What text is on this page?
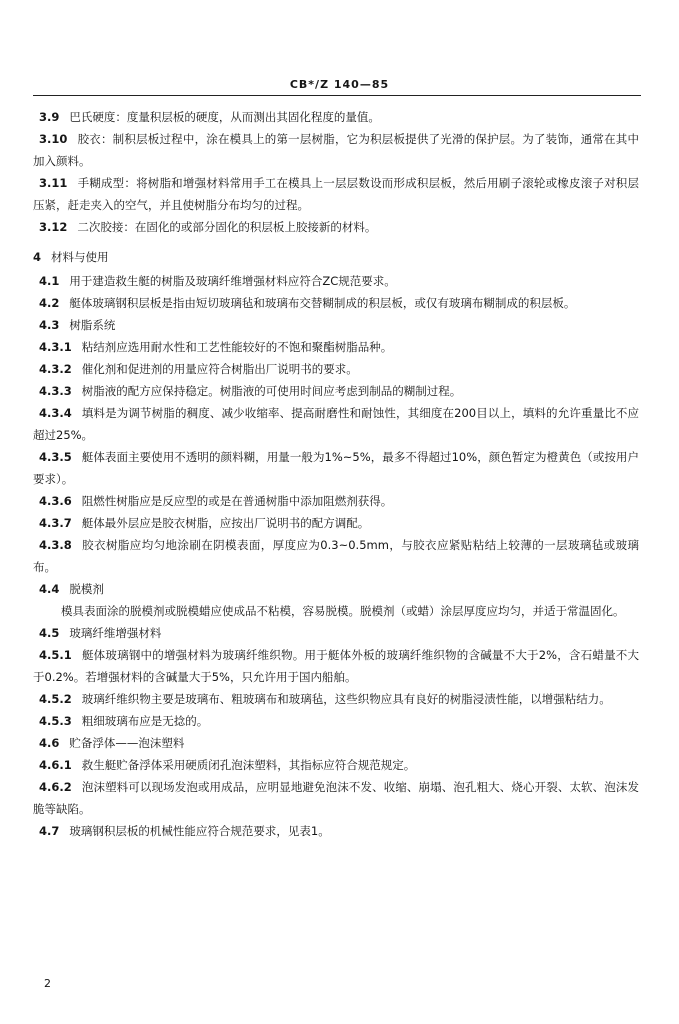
CB*/Z 140—85
3.9 巴氏硬度：度量积层板的硬度，从而测出其固化程度的量值。
3.10 胶衣：制积层板过程中，涂在模具上的第一层树脂，它为积层板提供了光滑的保护层。为了装饰，通常在其中加入颜料。
3.11 手糊成型：将树脂和增强材料常用手工在模具上一层层数设而形成积层板，然后用刷子滚轮或橡皮滚子对积层压紧，赶走夹入的空气，并且使树脂分布均匀的过程。
3.12 二次胶接：在固化的或部分固化的积层板上胶接新的材料。
4 材料与使用
4.1 用于建造救生艇的树脂及玻璃纤维增强材料应符合ZC规范要求。
4.2 艇体玻璃钢积层板是指由短切玻璃毡和玻璃布交替糊制成的积层板，或仅有玻璃布糊制成的积层板。
4.3 树脂系统
4.3.1 粘结剂应选用耐水性和工艺性能较好的不饱和聚酯树脂品种。
4.3.2 催化剂和促进剂的用量应符合树脂出厂说明书的要求。
4.3.3 树脂液的配方应保持稳定。树脂液的可使用时间应考虑到制品的糊制过程。
4.3.4 填料是为调节树脂的稠度、减少收缩率、提高耐磨性和耐蚀性，其细度在200目以上，填料的允许重量比不应超过25%。
4.3.5 艇体表面主要使用不透明的颜料糊，用量一般为1%~5%，最多不得超过10%，颜色暂定为橙黄色（或按用户要求）。
4.3.6 阻燃性树脂应是反应型的或是在普通树脂中添加阻燃剂获得。
4.3.7 艇体最外层应是胶衣树脂，应按出厂说明书的配方调配。
4.3.8 胶衣树脂应均匀地涂刷在阴模表面，厚度应为0.3~0.5mm，与胶衣应紧贴粘结上较薄的一层玻璃毡或玻璃布。
4.4 脱模剂
模具表面涂的脱模剂或脱模蜡应使成品不粘模，容易脱模。脱模剂（或蜡）涂层厚度应均匀，并适于常温固化。
4.5 玻璃纤维增强材料
4.5.1 艇体玻璃钢中的增强材料为玻璃纤维织物。用于艇体外板的玻璃纤维织物的含碱量不大于2%，含石蜡量不大于0.2%。若增强材料的含碱量大于5%，只允许用于国内船舶。
4.5.2 玻璃纤维织物主要是玻璃布、粗玻璃布和玻璃毡，这些织物应具有良好的树脂浸渍性能，以增强粘结力。
4.5.3 粗细玻璃布应是无捻的。
4.6 贮备浮体——泡沫塑料
4.6.1 救生艇贮备浮体采用硬质闭孔泡沫塑料，其指标应符合规范规定。
4.6.2 泡沫塑料可以现场发泡或用成品，应明显地避免泡沫不发、收缩、崩塌、泡孔粗大、烧心开裂、太软、泡沫发脆等缺陷。
4.7 玻璃钢积层板的机械性能应符合规范要求，见表1。
2
